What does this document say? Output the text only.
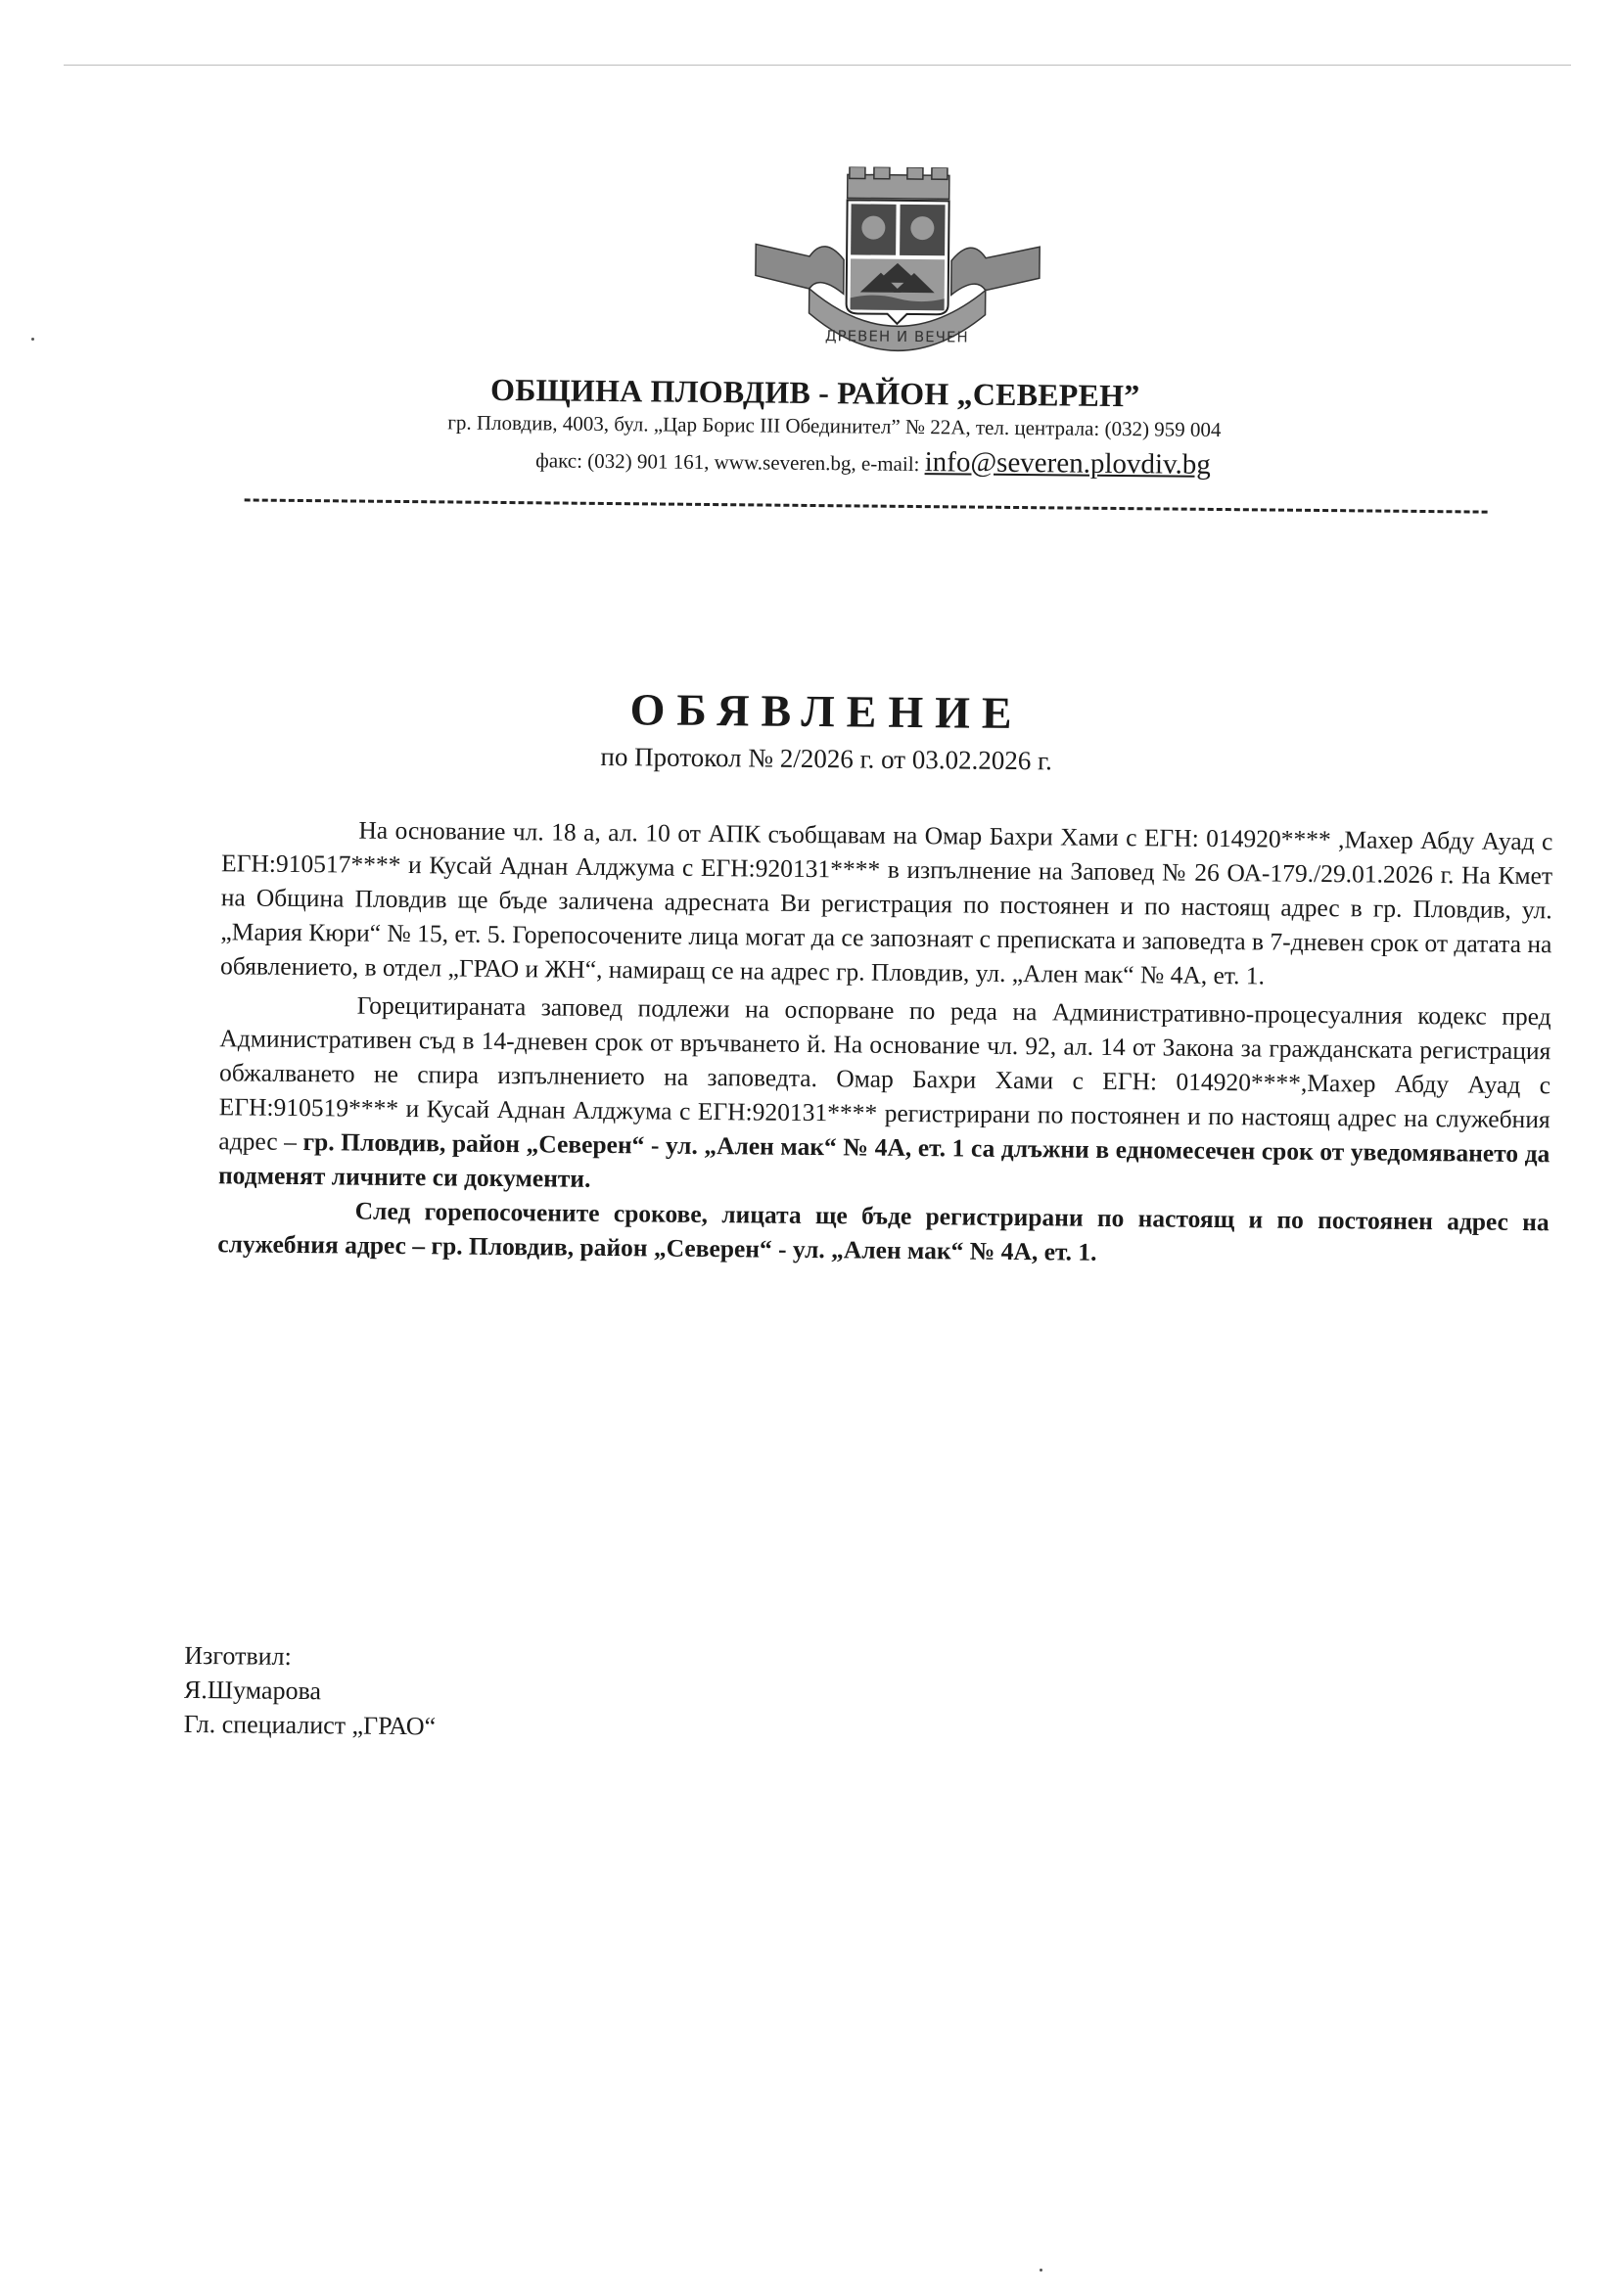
ДРЕВЕН И ВЕЧЕН
ОБЩИНА ПЛОВДИВ - РАЙОН „СЕВЕРЕН”
гр. Пловдив, 4003, бул. „Цар Борис III Обединител” № 22А, тел. централа: (032) 959 004
факс: (032) 901 161, www.severen.bg, e-mail: info@severen.plovdiv.bg
ОБЯВЛЕНИЕ
по Протокол № 2/2026 г. от 03.02.2026 г.

На основание чл. 18 а, ал. 10 от АПК съобщавам на Омар Бахри Хами с ЕГН: 014920**** ,Махер Абду Ауад с ЕГН:910517**** и Кусай Аднан Алджума с ЕГН:920131**** в изпълнение на Заповед № 26 ОА-179./29.01.2026 г. На Кмет на Община Пловдив ще бъде заличена адресната Ви регистрация по постоянен и по настоящ адрес в гр. Пловдив, ул. „Мария Кюри“ № 15, ет. 5. Горепосочените лица могат да се запознаят с преписката и заповедта в 7-дневен срок от датата на обявлението, в отдел „ГРАО и ЖН“, намиращ се на адрес гр. Пловдив, ул. „Ален мак“ № 4А, ет. 1.

Горецитираната заповед подлежи на оспорване по реда на Административно-процесуалния кодекс пред Административен съд в 14-дневен срок от връчването й. На основание чл. 92, ал. 14 от Закона за гражданската регистрация обжалването не спира изпълнението на заповедта. Омар Бахри Хами с ЕГН: 014920****,Махер Абду Ауад с ЕГН:910519**** и Кусай Аднан Алджума с ЕГН:920131**** регистрирани по постоянен и по настоящ адрес на служебния адрес – гр. Пловдив, район „Северен“ - ул. „Ален мак“ № 4А, ет. 1 са длъжни в едномесечен срок от уведомяването да подменят личните си документи.

След горепосочените срокове, лицата ще бъде регистрирани по настоящ и по постоянен адрес на служебния адрес – гр. Пловдив, район „Северен“ - ул. „Ален мак“ № 4А, ет. 1.

Изготвил:
Я.Шумарова
Гл. специалист „ГРАО“
